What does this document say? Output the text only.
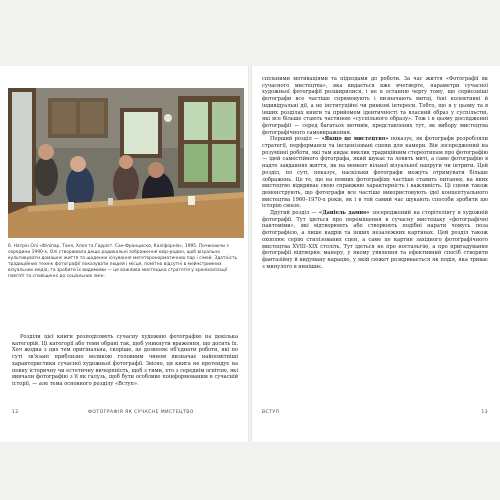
6. Натрін Олі «Філіпар, Таня, Хлоя та Гаррієт. Сан-Франциско, Каліфорнія», 1995. Починаючи з середини 1990-х, Олі створювала дещо радикальні зображення квір-родин, щоб візуально культивувати домашнє життя та щоденне існування мегетеронорматичних пар і сімей. Здатність традиційних технік фотографії показувати людей і місця, помітно відсутні в мейнстримних візуальних медіа, та зробити їх видимими — це важлива мистецька стратегія у хронікалізації пам'яті та сповіщенні до соціальних змін.

Розділи цієї книги розподіляють сучасну художню фотографію на декілька категорій. Ці категорії або теми обрані так, щоб уникнути враження, що досить їх. Хоч жодна з цих тем оригінальна, скоріше, це дозволяє об'єднати роботи, які по суті зв'язані приблизно великою головним чином визначає найпомітніші характеристики сучасної художньої фотографії. Звісно, ця книга не претендує на повну історичну чи естетичну вичерпність, щоб з тими, хто з середнім освітою, які вивчали фотографію з її як галузь, щоб бути особливо поінформованим в сучасній історії, — але тема основного розділу «Вступ».

12	ФОТОГРАФІЯ ЯК СУЧАСНЕ МИСТЕЦТВО

спільними мотиваціями та підходами до роботи. За час життя «Фотографії як сучасного мистецтва», яка видається вже вчетверте, параметри сучасної художньої фотографії розширилися, і не в останню чергу тому, що серйозніші фотографи все частіше спрямовують і визначають митці, їхні колективні й індивідуальні дії, а не інституційні чи ринкові інтереси. Тобто, що я у цьому та в інших розділах книги та прийомом ідентичності та власний образ у суспільстві, які все більше стають частиною «суспільного образу». Тож і в цьому дослідженні фотографії — серед багатьох мотивів, представлених тут, як вибору мистецтва фотографічного самовираження.

Перший розділ — «Якщо це мистецтво» показує, як фотографи розробляли стратегії, перформанси та інсценізовані сцени для камери. Він зосереджений на розумінні роботи, які там кидає виклик традиційним стереотипам про фотографію — ідей самостійного фотографа, який шукає та ловить миті, а саме фотографію в надто завданнях життя, як на момент вільної візуальної напруги чи інтриги. Цей розділ, по суті, показує, наскільки фотографи можуть отримувати більше зображень. Це те, що на певних фотографіях частіше ставить питання, на яких мистецтво відкриває свою справжню характерність і важливість. Ці сцени також демонструють, що фотографи все частіше використовують ідеї концептуального мистецтва 1960–1970-х років, як і в той самий час шукають способи зробити цю історію своєю.

Другий розділ — «Даніель дамно» зосереджений на сторітелінгу в художній фотографії. Тут ідеться про переміщення в сучасну мистецьку «фотографічні пантоміми», які відтворюють або створюють подібні нарати чомусь поза фотографією, а лише кадрів та інших незалежних картинах. Цей розділ також охоплює серію стилізованих сцен, а саме це картин західного фотографічного мистецтва XVIII–XIX століть. Тут ідеться не про ностальгію, а про пригадування фотографії відтворює манеру, у якому уявлення та ефективний спосіб створити фантазійну й видуману нарацію, у якій сюжет розкривається як подія, яка триває з минулого в нинішнє.

ВСТУП	13
